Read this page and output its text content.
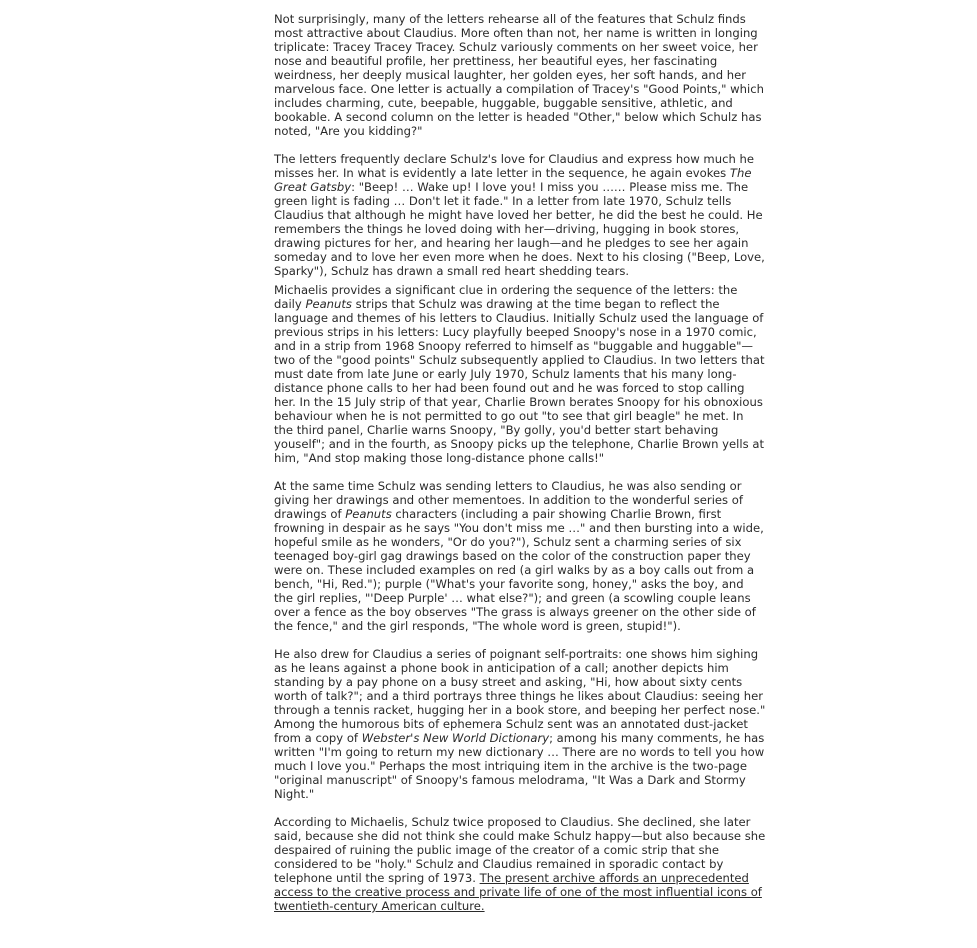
Not surprisingly, many of the letters rehearse all of the features that Schulz finds most attractive about Claudius. More often than not, her name is written in longing triplicate: Tracey Tracey Tracey. Schulz variously comments on her sweet voice, her nose and beautiful profile, her prettiness, her beautiful eyes, her fascinating weirdness, her deeply musical laughter, her golden eyes, her soft hands, and her marvelous face. One letter is actually a compilation of Tracey's "Good Points," which includes charming, cute, beepable, huggable, buggable sensitive, athletic, and bookable. A second column on the letter is headed "Other," below which Schulz has noted, "Are you kidding?"

The letters frequently declare Schulz's love for Claudius and express how much he misses her. In what is evidently a late letter in the sequence, he again evokes The Great Gatsby: "Beep! … Wake up! I love you! I miss you …… Please miss me. The green light is fading … Don't let it fade." In a letter from late 1970, Schulz tells Claudius that although he might have loved her better, he did the best he could. He remembers the things he loved doing with her—driving, hugging in book stores, drawing pictures for her, and hearing her laugh—and he pledges to see her again someday and to love her even more when he does. Next to his closing ("Beep, Love, Sparky"), Schulz has drawn a small red heart shedding tears.

Michaelis provides a significant clue in ordering the sequence of the letters: the daily Peanuts strips that Schulz was drawing at the time began to reflect the language and themes of his letters to Claudius. Initially Schulz used the language of previous strips in his letters: Lucy playfully beeped Snoopy's nose in a 1970 comic, and in a strip from 1968 Snoopy referred to himself as "buggable and huggable"—two of the "good points" Schulz subsequently applied to Claudius. In two letters that must date from late June or early July 1970, Schulz laments that his many long-distance phone calls to her had been found out and he was forced to stop calling her. In the 15 July strip of that year, Charlie Brown berates Snoopy for his obnoxious behaviour when he is not permitted to go out "to see that girl beagle" he met. In the third panel, Charlie warns Snoopy, "By golly, you'd better start behaving youself"; and in the fourth, as Snoopy picks up the telephone, Charlie Brown yells at him, "And stop making those long-distance phone calls!"

At the same time Schulz was sending letters to Claudius, he was also sending or giving her drawings and other mementoes. In addition to the wonderful series of drawings of Peanuts characters (including a pair showing Charlie Brown, first frowning in despair as he says "You don't miss me …" and then bursting into a wide, hopeful smile as he wonders, "Or do you?"), Schulz sent a charming series of six teenaged boy-girl gag drawings based on the color of the construction paper they were on. These included examples on red (a girl walks by as a boy calls out from a bench, "Hi, Red."); purple ("What's your favorite song, honey," asks the boy, and the girl replies, "'Deep Purple' … what else?"); and green (a scowling couple leans over a fence as the boy observes "The grass is always greener on the other side of the fence," and the girl responds, "The whole word is green, stupid!").

He also drew for Claudius a series of poignant self-portraits: one shows him sighing as he leans against a phone book in anticipation of a call; another depicts him standing by a pay phone on a busy street and asking, "Hi, how about sixty cents worth of talk?"; and a third portrays three things he likes about Claudius: seeing her through a tennis racket, hugging her in a book store, and beeping her perfect nose." Among the humorous bits of ephemera Schulz sent was an annotated dust-jacket from a copy of Webster's New World Dictionary; among his many comments, he has written "I'm going to return my new dictionary … There are no words to tell you how much I love you." Perhaps the most intriquing item in the archive is the two-page "original manuscript" of Snoopy's famous melodrama, "It Was a Dark and Stormy Night."

According to Michaelis, Schulz twice proposed to Claudius. She declined, she later said, because she did not think she could make Schulz happy—but also because she despaired of ruining the public image of the creator of a comic strip that she considered to be "holy." Schulz and Claudius remained in sporadic contact by telephone until the spring of 1973. The present archive affords an unprecedented access to the creative process and private life of one of the most influential icons of twentieth-century American culture.
